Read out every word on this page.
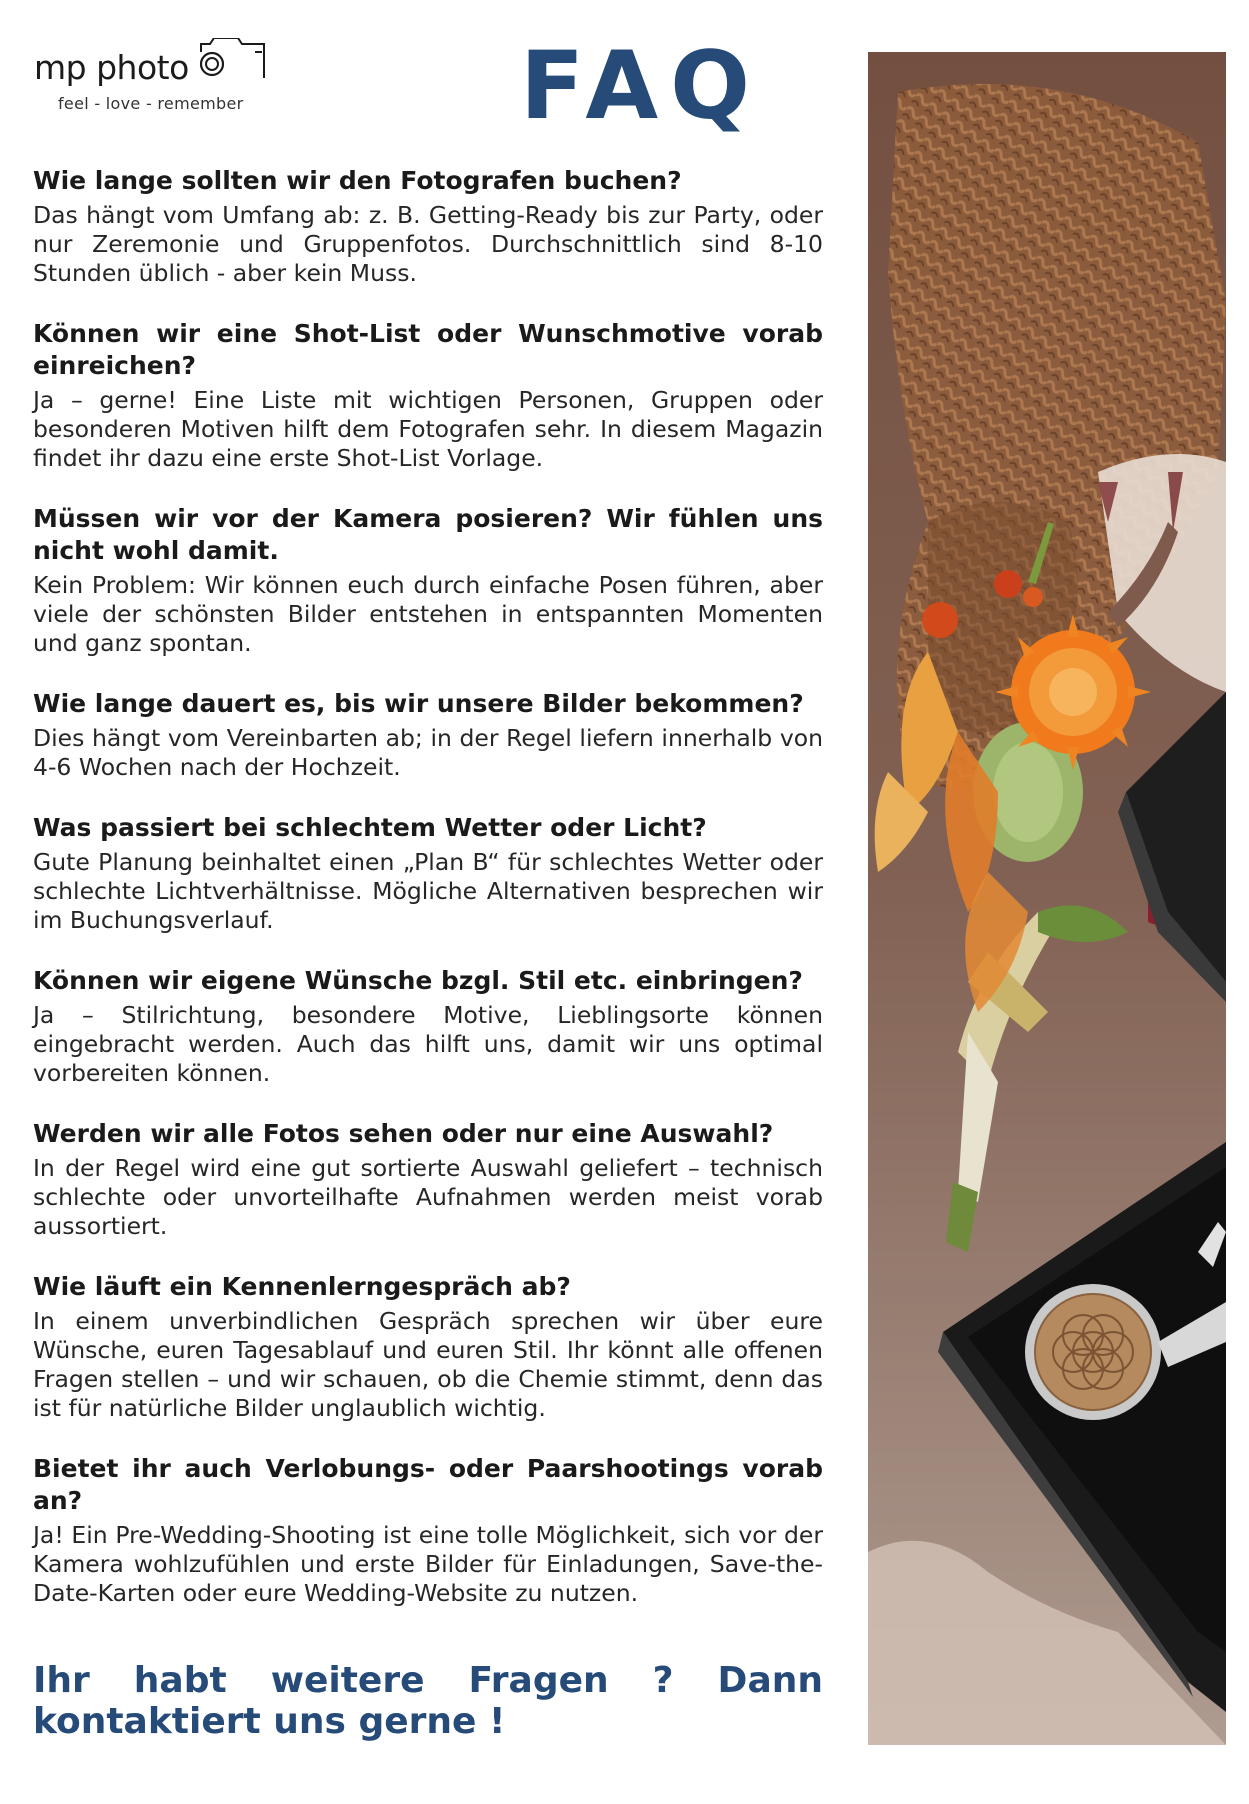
mp photo
feel - love - remember	FAQ
Wie lange sollten wir den Fotografen buchen?

Das hängt vom Umfang ab: z. B. Getting-Ready bis zur Party, oder nur Zeremonie und Gruppenfotos. Durchschnittlich sind 8-10 Stunden üblich - aber kein Muss.

Können wir eine Shot-List oder Wunschmotive vorab einreichen?

Ja – gerne! Eine Liste mit wichtigen Personen, Gruppen oder besonderen Motiven hilft dem Fotografen sehr. In diesem Magazin findet ihr dazu eine erste Shot-List Vorlage.

Müssen wir vor der Kamera posieren? Wir fühlen uns nicht wohl damit.

Kein Problem: Wir können euch durch einfache Posen führen, aber viele der schönsten Bilder entstehen in entspannten Momenten und ganz spontan.

Wie lange dauert es, bis wir unsere Bilder bekommen?

Dies hängt vom Vereinbarten ab; in der Regel liefern innerhalb von 4-6 Wochen nach der Hochzeit.

Was passiert bei schlechtem Wetter oder Licht?

Gute Planung beinhaltet einen „Plan B“ für schlechtes Wetter oder schlechte Lichtverhältnisse. Mögliche Alternativen besprechen wir im Buchungsverlauf.

Können wir eigene Wünsche bzgl. Stil etc. einbringen?

Ja – Stilrichtung, besondere Motive, Lieblingsorte können eingebracht werden. Auch das hilft uns, damit wir uns optimal vorbereiten können.

Werden wir alle Fotos sehen oder nur eine Auswahl?

In der Regel wird eine gut sortierte Auswahl geliefert – technisch schlechte oder unvorteilhafte Aufnahmen werden meist vorab aussortiert.

Wie läuft ein Kennenlerngespräch ab?

In einem unverbindlichen Gespräch sprechen wir über eure Wünsche, euren Tagesablauf und euren Stil. Ihr könnt alle offenen Fragen stellen – und wir schauen, ob die Chemie stimmt, denn das ist für natürliche Bilder unglaublich wichtig.

Bietet ihr auch Verlobungs- oder Paarshootings vorab an?

Ja! Ein Pre-Wedding-Shooting ist eine tolle Möglichkeit, sich vor der Kamera wohlzufühlen und erste Bilder für Einladungen, Save-the-Date-Karten oder eure Wedding-Website zu nutzen.

Ihr habt weitere Fragen ? Dann kontaktiert uns gerne !
